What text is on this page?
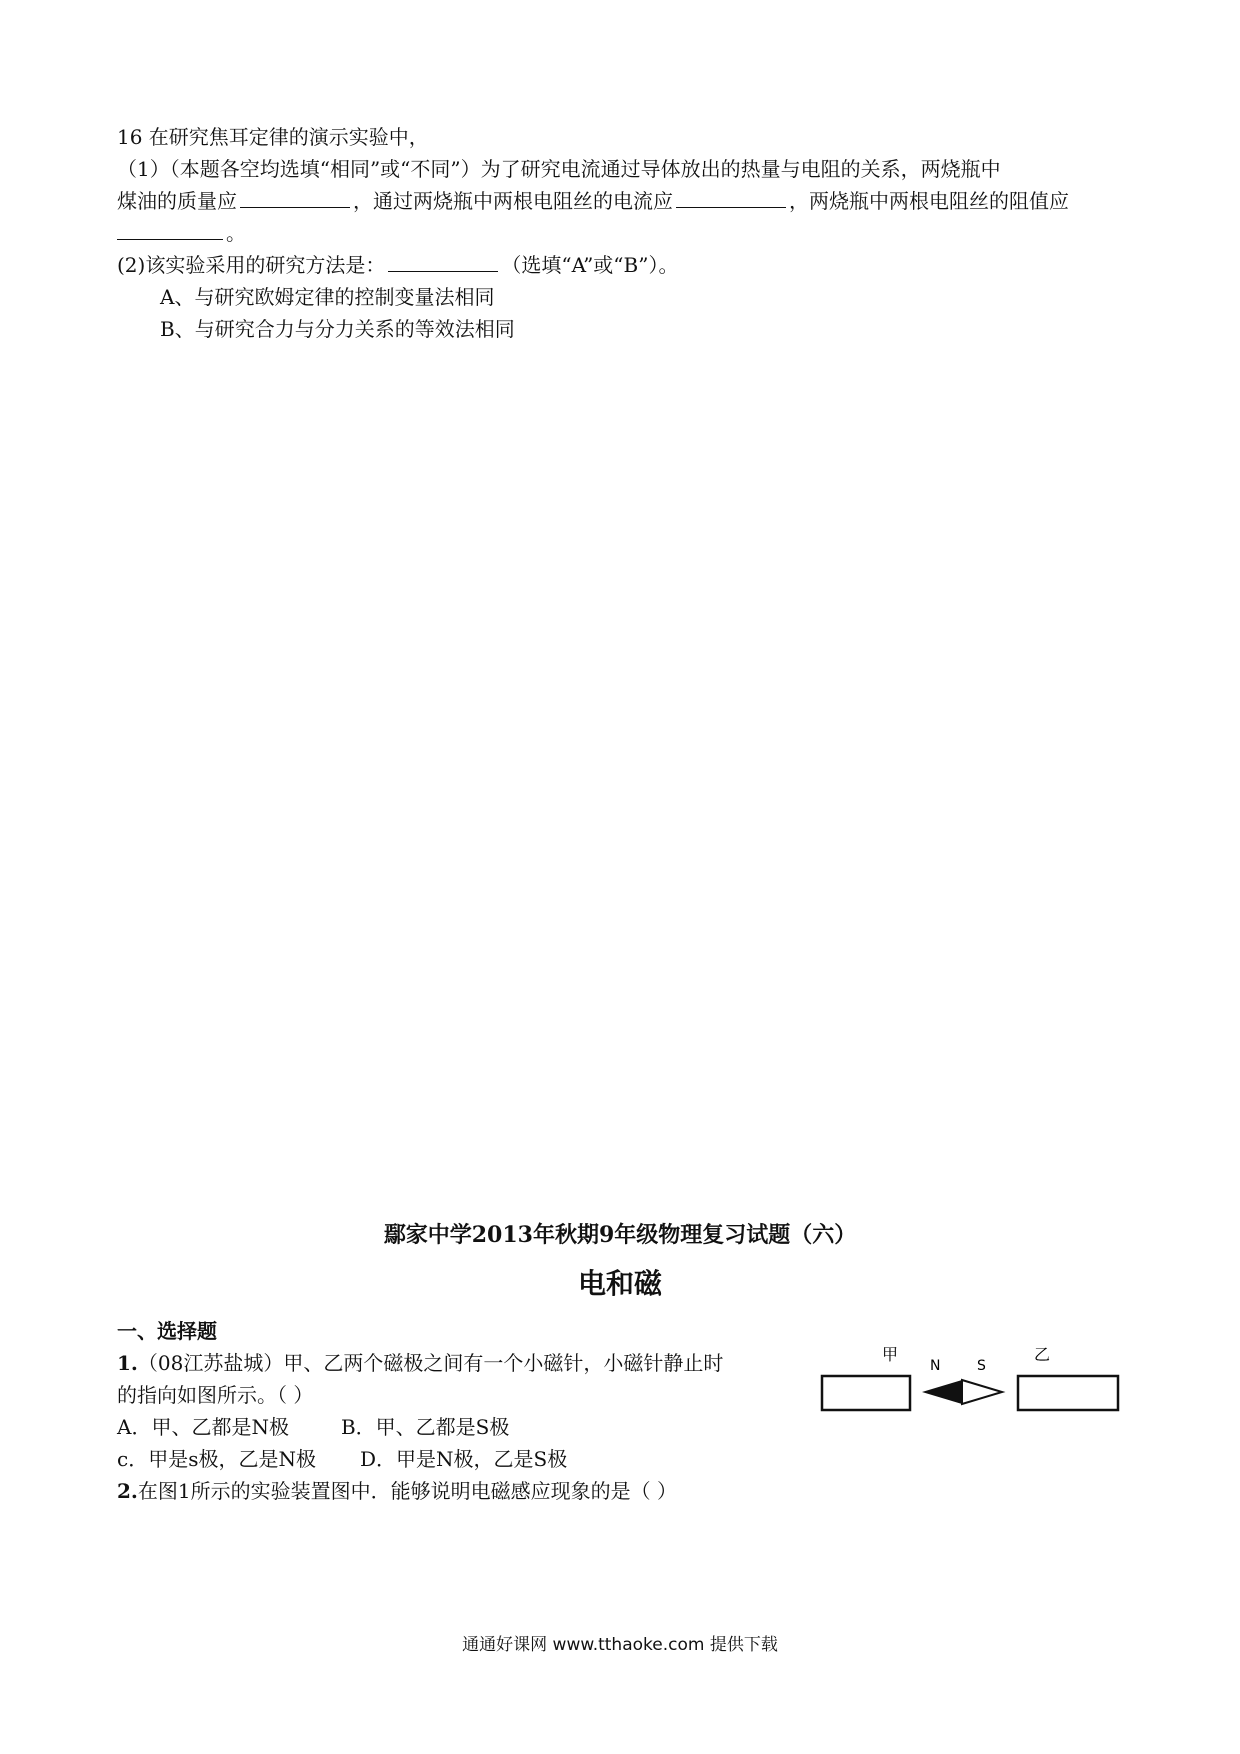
16 在研究焦耳定律的演示实验中，
（1）（本题各空均选填“相同”或“不同”）为了研究电流通过导体放出的热量与电阻的关系，两烧瓶中
煤油的质量应	，通过两烧瓶中两根电阻丝的电流应	，两烧瓶中两根电阻丝的阻值应
。
(2)该实验采用的研究方法是：	（选填“A”或“B”）。
A、与研究欧姆定律的控制变量法相同
B、与研究合力与分力关系的等效法相同
鄢家中学2013年秋期9年级物理复习试题（六）
电和磁
一、选择题
1.（08江苏盐城）甲、乙两个磁极之间有一个小磁针，小磁针静止时
的指向如图所示。（ ）
A．甲、乙都是N极	B．甲、乙都是S极
c．甲是s极，乙是N极 D．甲是N极，乙是S极
甲
N	S
乙
2.在图1所示的实验装置图中．能够说明电磁感应现象的是（ ）
通通好课网 www.tthaoke.com 提供下载
